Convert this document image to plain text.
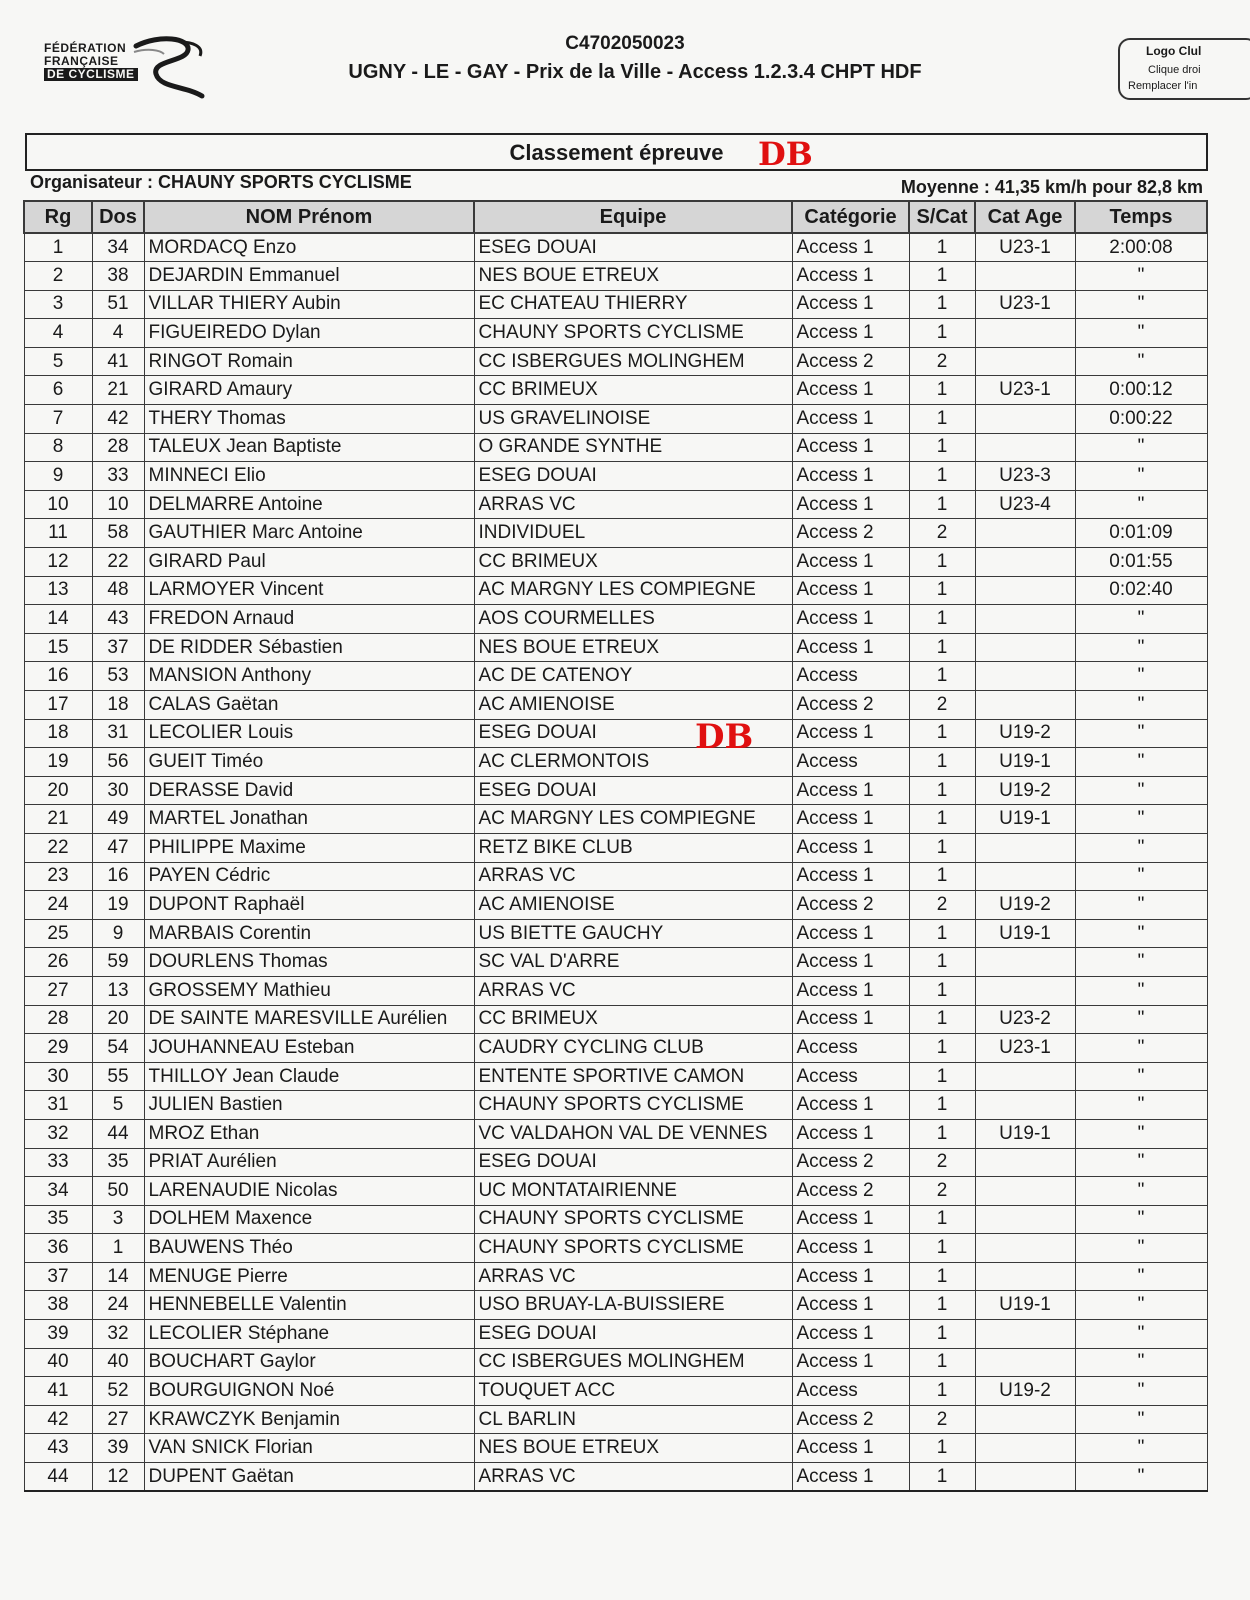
FÉDÉRATION
FRANÇAISE
DE CYCLISME
C4702050023
UGNY - LE - GAY - Prix de la Ville - Access 1.2.3.4 CHPT HDF
Logo Clul
Clique droi
Remplacer l'in
Classement épreuve	DB
Organisateur : CHAUNY SPORTS CYCLISME	Moyenne : 41,35 km/h pour 82,8 km
Rg	Dos	NOM Prénom	Equipe	Catégorie	S/Cat	Cat Age	Temps
1	34	MORDACQ Enzo	ESEG DOUAI	Access 1	1	U23-1	2:00:08
2	38	DEJARDIN Emmanuel	NES BOUE ETREUX	Access 1	1		"
3	51	VILLAR THIERY Aubin	EC CHATEAU THIERRY	Access 1	1	U23-1	"
4	4	FIGUEIREDO Dylan	CHAUNY SPORTS CYCLISME	Access 1	1		"
5	41	RINGOT Romain	CC ISBERGUES MOLINGHEM	Access 2	2		"
6	21	GIRARD Amaury	CC BRIMEUX	Access 1	1	U23-1	0:00:12
7	42	THERY Thomas	US GRAVELINOISE	Access 1	1		0:00:22
8	28	TALEUX Jean Baptiste	O GRANDE SYNTHE	Access 1	1		"
9	33	MINNECI Elio	ESEG DOUAI	Access 1	1	U23-3	"
10	10	DELMARRE Antoine	ARRAS VC	Access 1	1	U23-4	"
11	58	GAUTHIER Marc Antoine	INDIVIDUEL	Access 2	2		0:01:09
12	22	GIRARD Paul	CC BRIMEUX	Access 1	1		0:01:55
13	48	LARMOYER Vincent	AC MARGNY LES COMPIEGNE	Access 1	1		0:02:40
14	43	FREDON Arnaud	AOS COURMELLES	Access 1	1		"
15	37	DE RIDDER Sébastien	NES BOUE ETREUX	Access 1	1		"
16	53	MANSION Anthony	AC DE CATENOY	Access	1		"
17	18	CALAS Gaëtan	AC AMIENOISE	Access 2	2		"
18	31	LECOLIER Louis	ESEG DOUAI	Access 1	1	U19-2	"
19	56	GUEIT Timéo	AC CLERMONTOIS	Access	1	U19-1	"
20	30	DERASSE David	ESEG DOUAI	Access 1	1	U19-2	"
21	49	MARTEL Jonathan	AC MARGNY LES COMPIEGNE	Access 1	1	U19-1	"
22	47	PHILIPPE Maxime	RETZ BIKE CLUB	Access 1	1		"
23	16	PAYEN Cédric	ARRAS VC	Access 1	1		"
24	19	DUPONT Raphaël	AC AMIENOISE	Access 2	2	U19-2	"
25	9	MARBAIS Corentin	US BIETTE GAUCHY	Access 1	1	U19-1	"
26	59	DOURLENS Thomas	SC VAL D'ARRE	Access 1	1		"
27	13	GROSSEMY Mathieu	ARRAS VC	Access 1	1		"
28	20	DE SAINTE MARESVILLE Aurélien	CC BRIMEUX	Access 1	1	U23-2	"
29	54	JOUHANNEAU Esteban	CAUDRY CYCLING CLUB	Access	1	U23-1	"
30	55	THILLOY Jean Claude	ENTENTE SPORTIVE CAMON	Access	1		"
31	5	JULIEN Bastien	CHAUNY SPORTS CYCLISME	Access 1	1		"
32	44	MROZ Ethan	VC VALDAHON VAL DE VENNES	Access 1	1	U19-1	"
33	35	PRIAT Aurélien	ESEG DOUAI	Access 2	2		"
34	50	LARENAUDIE Nicolas	UC MONTATAIRIENNE	Access 2	2		"
35	3	DOLHEM Maxence	CHAUNY SPORTS CYCLISME	Access 1	1		"
36	1	BAUWENS Théo	CHAUNY SPORTS CYCLISME	Access 1	1		"
37	14	MENUGE Pierre	ARRAS VC	Access 1	1		"
38	24	HENNEBELLE Valentin	USO BRUAY-LA-BUISSIERE	Access 1	1	U19-1	"
39	32	LECOLIER Stéphane	ESEG DOUAI	Access 1	1		"
40	40	BOUCHART Gaylor	CC ISBERGUES MOLINGHEM	Access 1	1		"
41	52	BOURGUIGNON Noé	TOUQUET ACC	Access	1	U19-2	"
42	27	KRAWCZYK Benjamin	CL BARLIN	Access 2	2		"
43	39	VAN SNICK Florian	NES BOUE ETREUX	Access 1	1		"
44	12	DUPENT Gaëtan	ARRAS VC	Access 1	1		"
DB
